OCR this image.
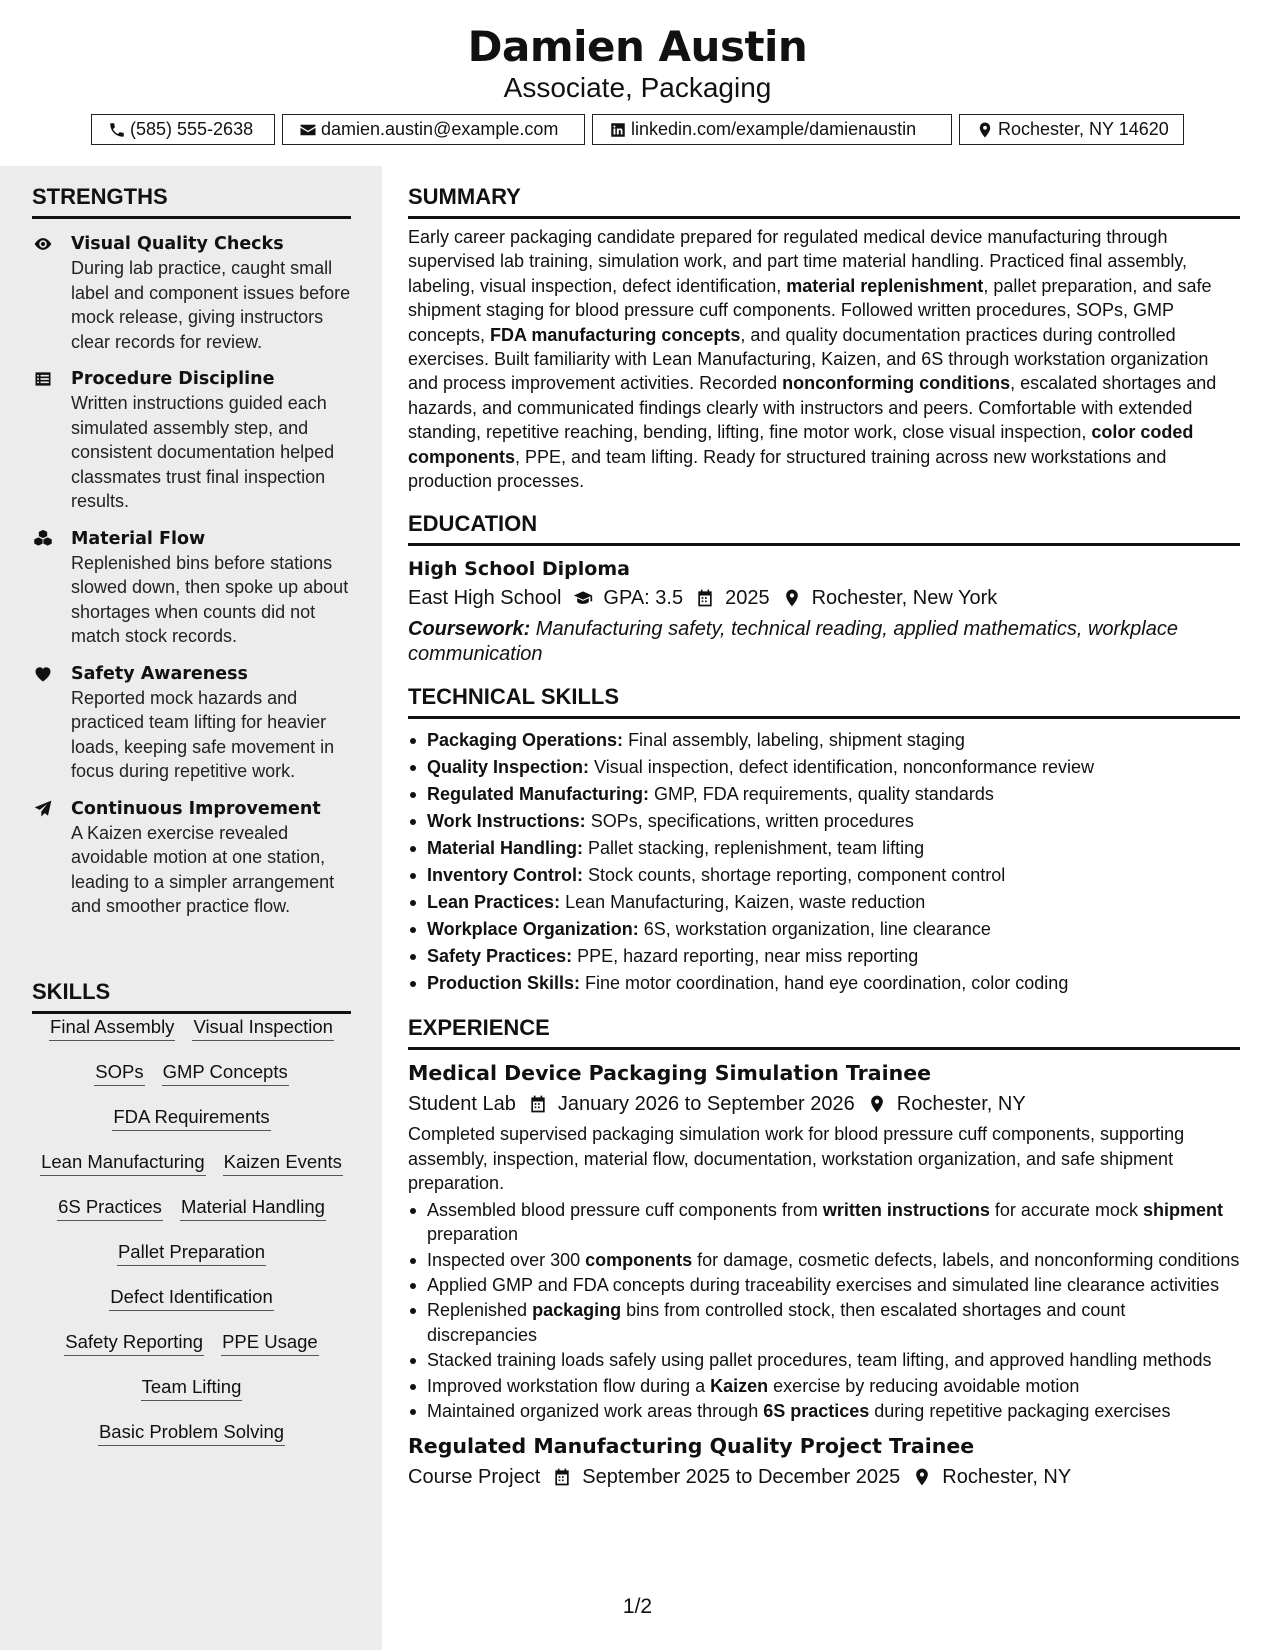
Damien Austin
Associate, Packaging
(585) 555-2638	damien.austin@example.com	linkedin.com/example/damienaustin	Rochester, NY 14620
STRENGTHS
Visual Quality Checks
During lab practice, caught small label and component issues before mock release, giving instructors clear records for review.
Procedure Discipline
Written instructions guided each simulated assembly step, and consistent documentation helped classmates trust final inspection results.
Material Flow
Replenished bins before stations slowed down, then spoke up about shortages when counts did not match stock records.
Safety Awareness
Reported mock hazards and practiced team lifting for heavier loads, keeping safe movement in focus during repetitive work.
Continuous Improvement
A Kaizen exercise revealed avoidable motion at one station, leading to a simpler arrangement and smoother practice flow.
SKILLS
Final Assembly Visual Inspection
SOPs GMP Concepts
FDA Requirements
Lean Manufacturing Kaizen Events
6S Practices Material Handling
Pallet Preparation
Defect Identification
Safety Reporting PPE Usage
Team Lifting
Basic Problem Solving
SUMMARY

Early career packaging candidate prepared for regulated medical device manufacturing through supervised lab training, simulation work, and part time material handling. Practiced final assembly, labeling, visual inspection, defect identification, material replenishment, pallet preparation, and safe shipment staging for blood pressure cuff components. Followed written procedures, SOPs, GMP concepts, FDA manufacturing concepts, and quality documentation practices during controlled exercises. Built familiarity with Lean Manufacturing, Kaizen, and 6S through workstation organization and process improvement activities. Recorded nonconforming conditions, escalated shortages and hazards, and communicated findings clearly with instructors and peers. Comfortable with extended standing, repetitive reaching, bending, lifting, fine motor work, close visual inspection, color coded components, PPE, and team lifting. Ready for structured training across new workstations and production processes.

EDUCATION
High School Diploma
East High School GPA: 3.5 2025 Rochester, New York
Coursework: Manufacturing safety, technical reading, applied mathematics, workplace communication
TECHNICAL SKILLS
Packaging Operations: Final assembly, labeling, shipment staging
Quality Inspection: Visual inspection, defect identification, nonconformance review
Regulated Manufacturing: GMP, FDA requirements, quality standards
Work Instructions: SOPs, specifications, written procedures
Material Handling: Pallet stacking, replenishment, team lifting
Inventory Control: Stock counts, shortage reporting, component control
Lean Practices: Lean Manufacturing, Kaizen, waste reduction
Workplace Organization: 6S, workstation organization, line clearance
Safety Practices: PPE, hazard reporting, near miss reporting
Production Skills: Fine motor coordination, hand eye coordination, color coding
EXPERIENCE
Medical Device Packaging Simulation Trainee
Student Lab January 2026 to September 2026 Rochester, NY

Completed supervised packaging simulation work for blood pressure cuff components, supporting assembly, inspection, material flow, documentation, workstation organization, and safe shipment preparation.

Assembled blood pressure cuff components from written instructions for accurate mock shipment preparation
Inspected over 300 components for damage, cosmetic defects, labels, and nonconforming conditions
Applied GMP and FDA concepts during traceability exercises and simulated line clearance activities
Replenished packaging bins from controlled stock, then escalated shortages and count discrepancies
Stacked training loads safely using pallet procedures, team lifting, and approved handling methods
Improved workstation flow during a Kaizen exercise by reducing avoidable motion
Maintained organized work areas through 6S practices during repetitive packaging exercises
Regulated Manufacturing Quality Project Trainee
Course Project September 2025 to December 2025 Rochester, NY
1/2
